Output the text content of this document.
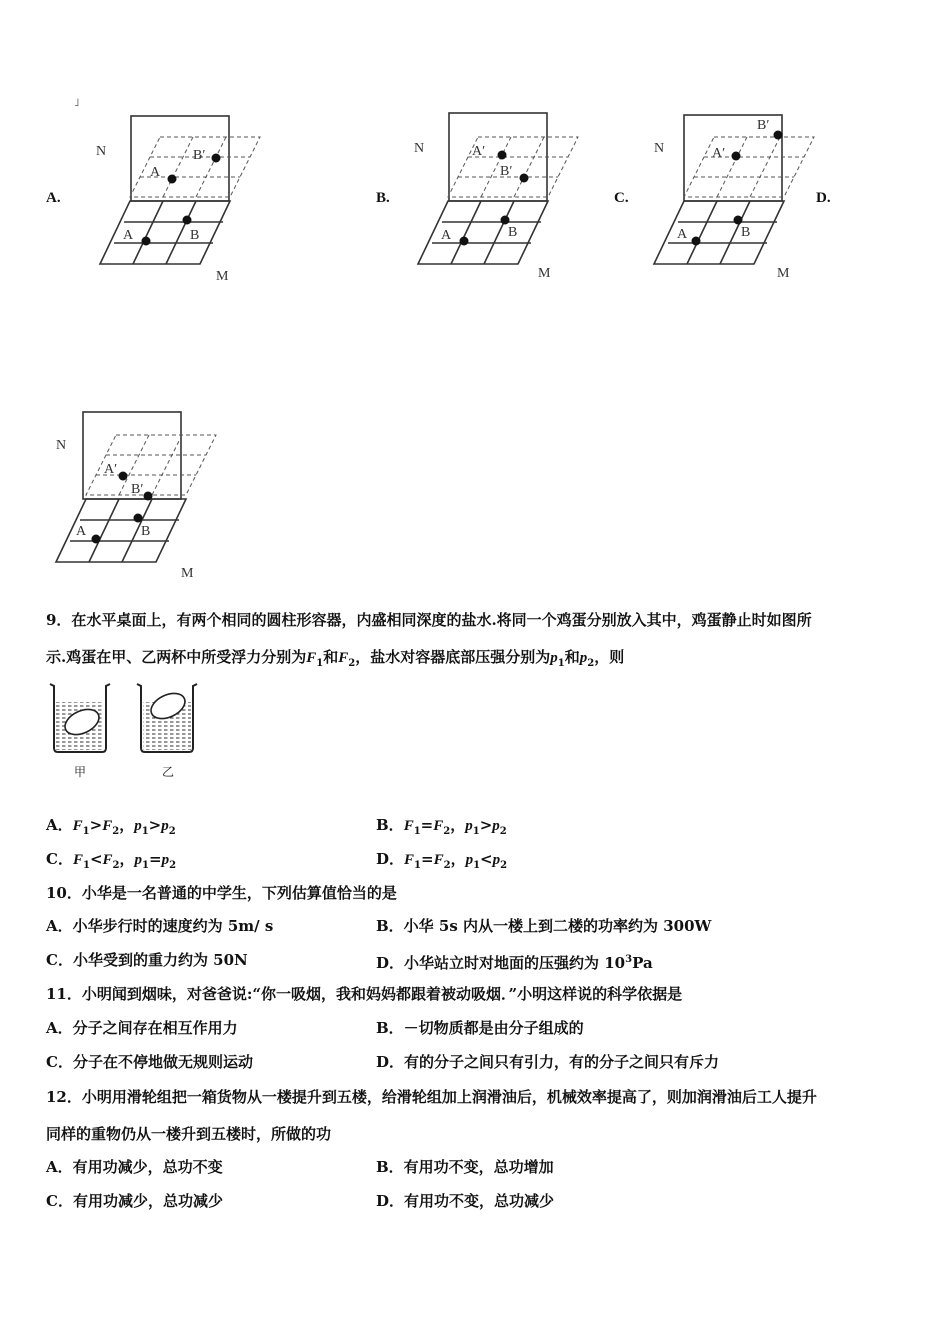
˩
A.	B.	C.	D.
N
M
A
B′
A	B
N
M
A′
B′
A	B
N
M
A′
B′
A	B
N
M
A′
B′
A	B
9．在水平桌面上，有两个相同的圆柱形容器，内盛相同深度的盐水.将同一个鸡蛋分别放入其中，鸡蛋静止时如图所
示.鸡蛋在甲、乙两杯中所受浮力分别为$F_1$和$F_2$，盐水对容器底部压强分别为$p_1$和$p_2$，则
甲	乙
A．$F_1>F_2$，$p_1>p_2$	B．$F_1=F_2$，$p_1>p_2$
C．$F_1<F_2$，$p_1=p_2$	D．$F_1=F_2$，$p_1<p_2$
10．小华是一名普通的中学生，下列估算值恰当的是
A．小华步行时的速度约为 5m/ s	B．小华 5s 内从一楼上到二楼的功率约为 300W
C．小华受到的重力约为 50N	D．小华站立时对地面的压强约为 $10^3Pa$
11．小明闻到烟味，对爸爸说:“你一吸烟，我和妈妈都跟着被动吸烟．”小明这样说的科学依据是
A．分子之间存在相互作用力	B．－切物质都是由分子组成的
C．分子在不停地做无规则运动	D．有的分子之间只有引力，有的分子之间只有斥力
12．小明用滑轮组把一箱货物从一楼提升到五楼，给滑轮组加上润滑油后，机械效率提高了，则加润滑油后工人提升
同样的重物仍从一楼升到五楼时，所做的功
A．有用功减少，总功不变	B．有用功不变，总功增加
C．有用功减少，总功减少	D．有用功不变，总功减少
